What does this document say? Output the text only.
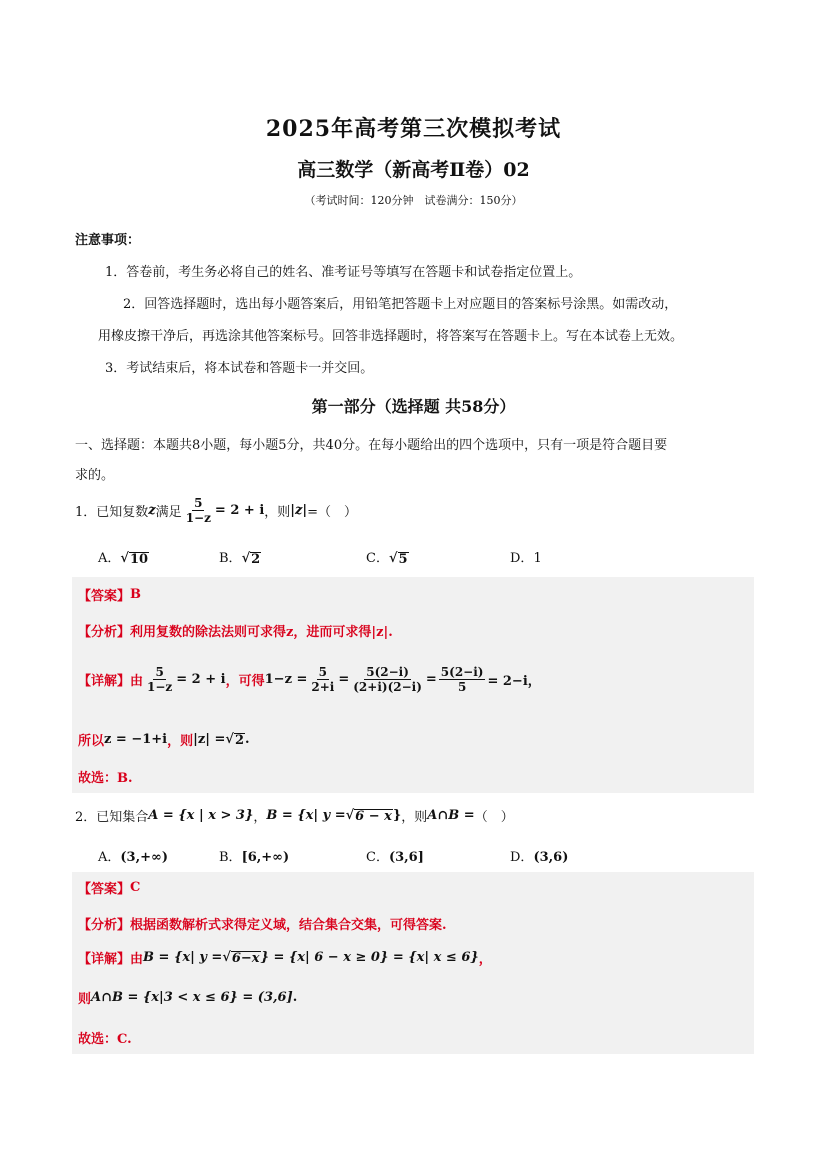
2025年高考第三次模拟考试
高三数学（新高考Ⅱ卷）02
（考试时间：120分钟　试卷满分：150分）
注意事项：
1．答卷前，考生务必将自己的姓名、准考证号等填写在答题卡和试卷指定位置上。
2．回答选择题时，选出每小题答案后，用铅笔把答题卡上对应题目的答案标号涂黑。如需改动，
用橡皮擦干净后，再选涂其他答案标号。回答非选择题时，将答案写在答题卡上。写在本试卷上无效。
3．考试结束后，将本试卷和答题卡一并交回。
第一部分（选择题 共58分）
一、选择题：本题共8小题，每小题5分，共40分。在每小题给出的四个选项中，只有一项是符合题目要
求的。
1．已知复数 z 满足 $\frac{5}{1-z} = 2 + i$ ，则 |z| =（　）
A． √ 10	B． √ 2	C． √ 5	D．1
【答案】 B
【分析】 利用复数的除法法则可求得z，进而可求得|z|.
【详解】 由 $\frac{5}{1-z} = 2 + i$ ，可得 $1-z = \frac{5}{2+i} = \frac{5(2-i)}{(2+i)(2-i)} = \frac{5(2-i)}{5} = 2-i$，
所以 z = −1+i ，则 |z| = √ 2 .
故选：B.
2．已知集合 A = {x | x > 3} ， B = {x| y = √ 6 − x } ，则 A∩B = （　）
A．(3,+∞)	B．[6,+∞)	C．(3,6]	D．(3,6)
【答案】 C
【分析】 根据函数解析式求得定义域，结合集合交集，可得答案.
【详解】 由 B = {x| y = √ 6−x } = {x| 6 − x ≥ 0} = {x| x ≤ 6} ，
则 A∩B = {x|3 < x ≤ 6} = (3,6] .
故选：C.
